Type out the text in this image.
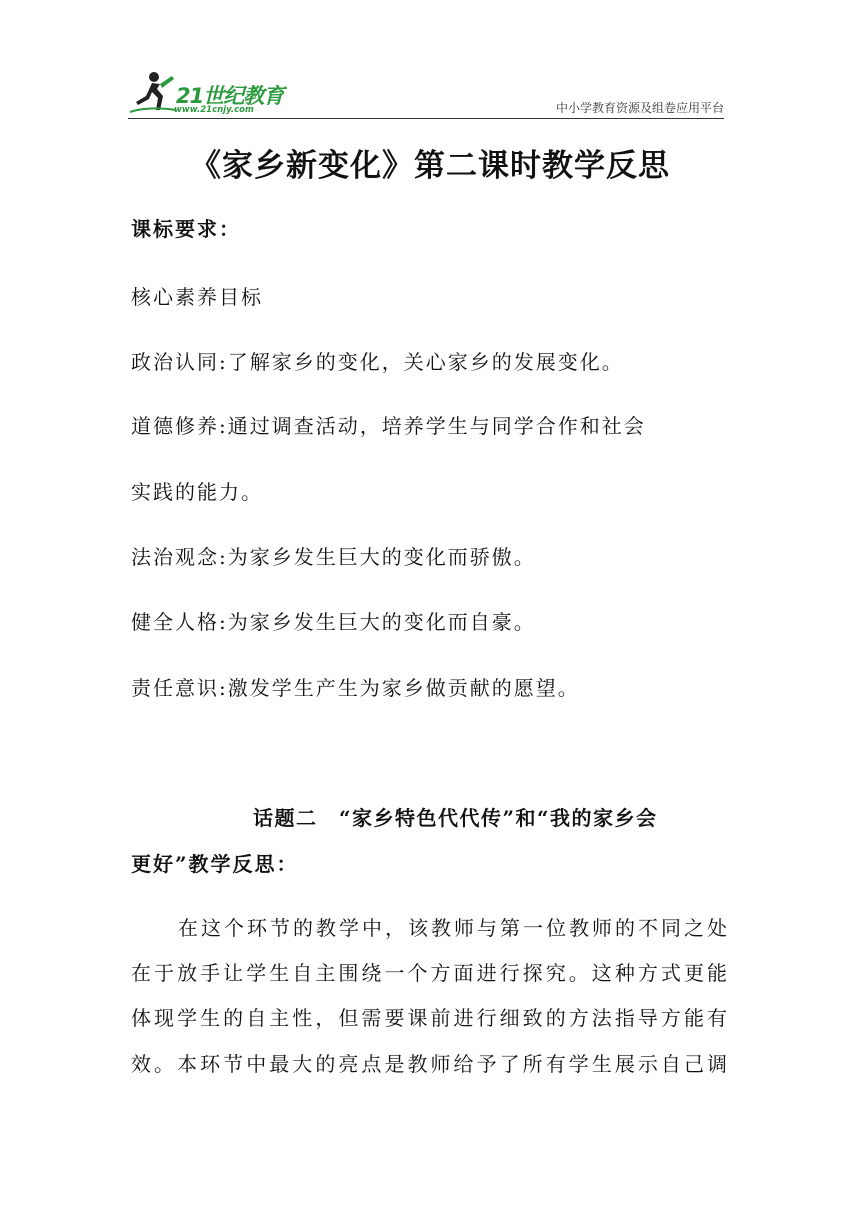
21世纪教育
www.21cnjy.com	中小学教育资源及组卷应用平台
《家乡新变化》第二课时教学反思
课标要求：
核心素养目标
政治认同:了解家乡的变化，关心家乡的发展变化。
道德修养:通过调查活动，培养学生与同学合作和社会
实践的能力。
法治观念:为家乡发生巨大的变化而骄傲。
健全人格:为家乡发生巨大的变化而自豪。
责任意识:激发学生产生为家乡做贡献的愿望。
话题二　“家乡特色代代传”和“我的家乡会
更好”教学反思：
在这个环节的教学中，该教师与第一位教师的不同之处
在于放手让学生自主围绕一个方面进行探究。这种方式更能
体现学生的自主性，但需要课前进行细致的方法指导方能有
效。本环节中最大的亮点是教师给予了所有学生展示自己调
